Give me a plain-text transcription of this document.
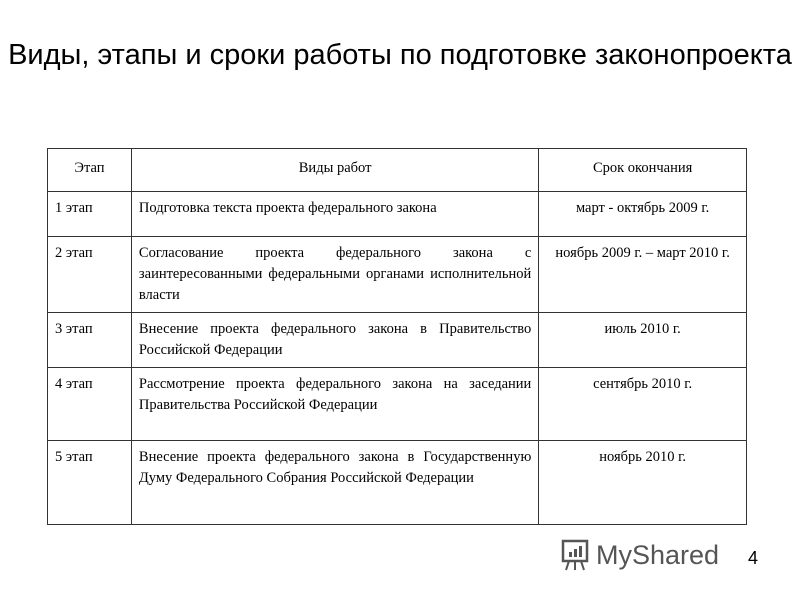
Виды, этапы и сроки работы по подготовке законопроекта
Этап	Виды работ	Срок окончания
1 этап	Подготовка текста проекта федерального закона	март - октябрь 2009 г.
2 этап	Согласование проекта федерального закона с заинтересованными федеральными органами исполнительной власти	ноябрь 2009 г. – март 2010 г.
3 этап	Внесение проекта федерального закона в Правительство Российской Федерации	июль 2010 г.
4 этап	Рассмотрение проекта федерального закона на заседании Правительства Российской Федерации	сентябрь 2010 г.
5 этап	Внесение проекта федерального закона в Государственную Думу Федерального Собрания Российской Федерации	ноябрь 2010 г.
MyShared 4
